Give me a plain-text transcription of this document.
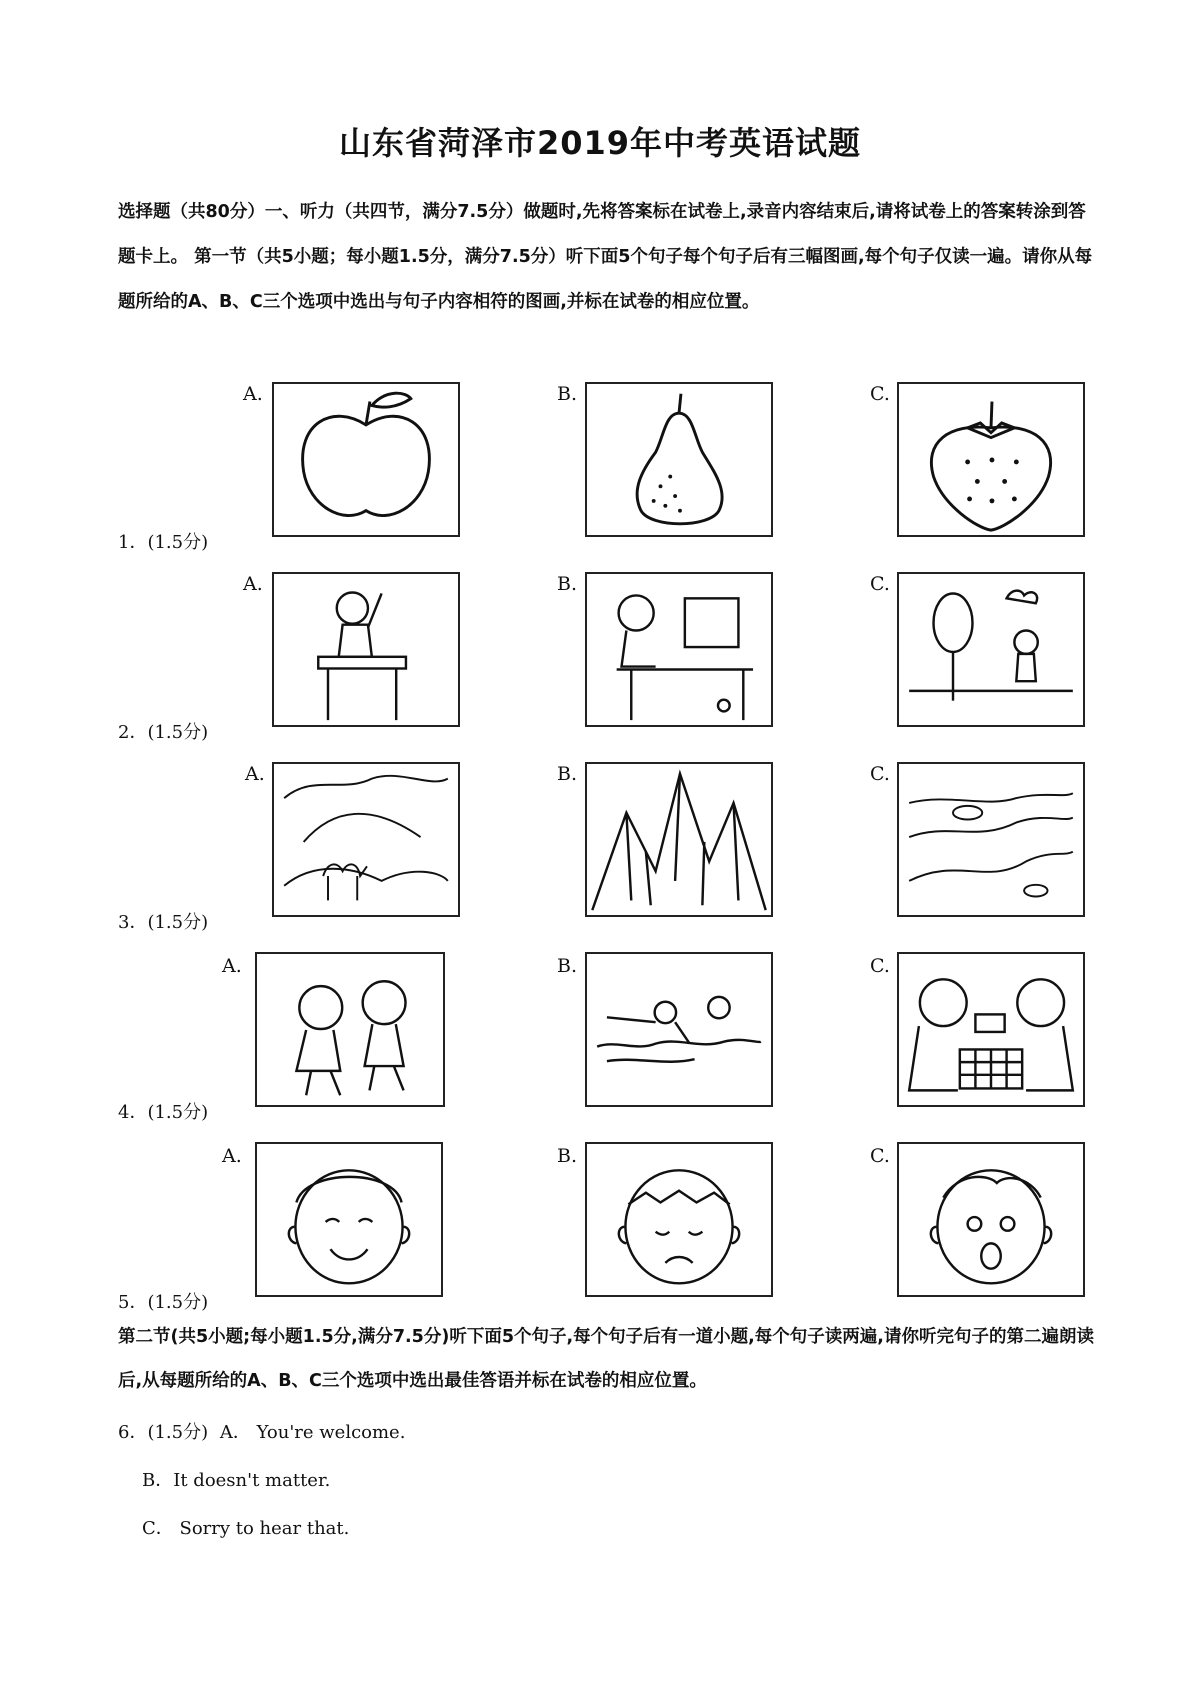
山东省菏泽市2019年中考英语试题
选择题（共80分）一、听力（共四节，满分7.5分）做题时,先将答案标在试卷上,录音内容结束后,请将试卷上的答案转涂到答题卡上。 第一节（共5小题；每小题1.5分，满分7.5分）听下面5个句子每个句子后有三幅图画,每个句子仅读一遍。请你从每题所给的A、B、C三个选项中选出与句子内容相符的图画,并标在试卷的相应位置。
A.	B.	C.
1．(1.5分)
A.	B.	C.
2．(1.5分)
A.	B.	C.
3．(1.5分)
A.	B.	C.
4．(1.5分)
A.	B.	C.
5．(1.5分)
第二节(共5小题;每小题1.5分,满分7.5分)听下面5个句子,每个句子后有一道小题,每个句子读两遍,请你听完句子的第二遍朗读后,从每题所给的A、B、C三个选项中选出最佳答语并标在试卷的相应位置。
6．(1.5分) A． You're welcome.
B．It doesn't matter.
C． Sorry to hear that.
